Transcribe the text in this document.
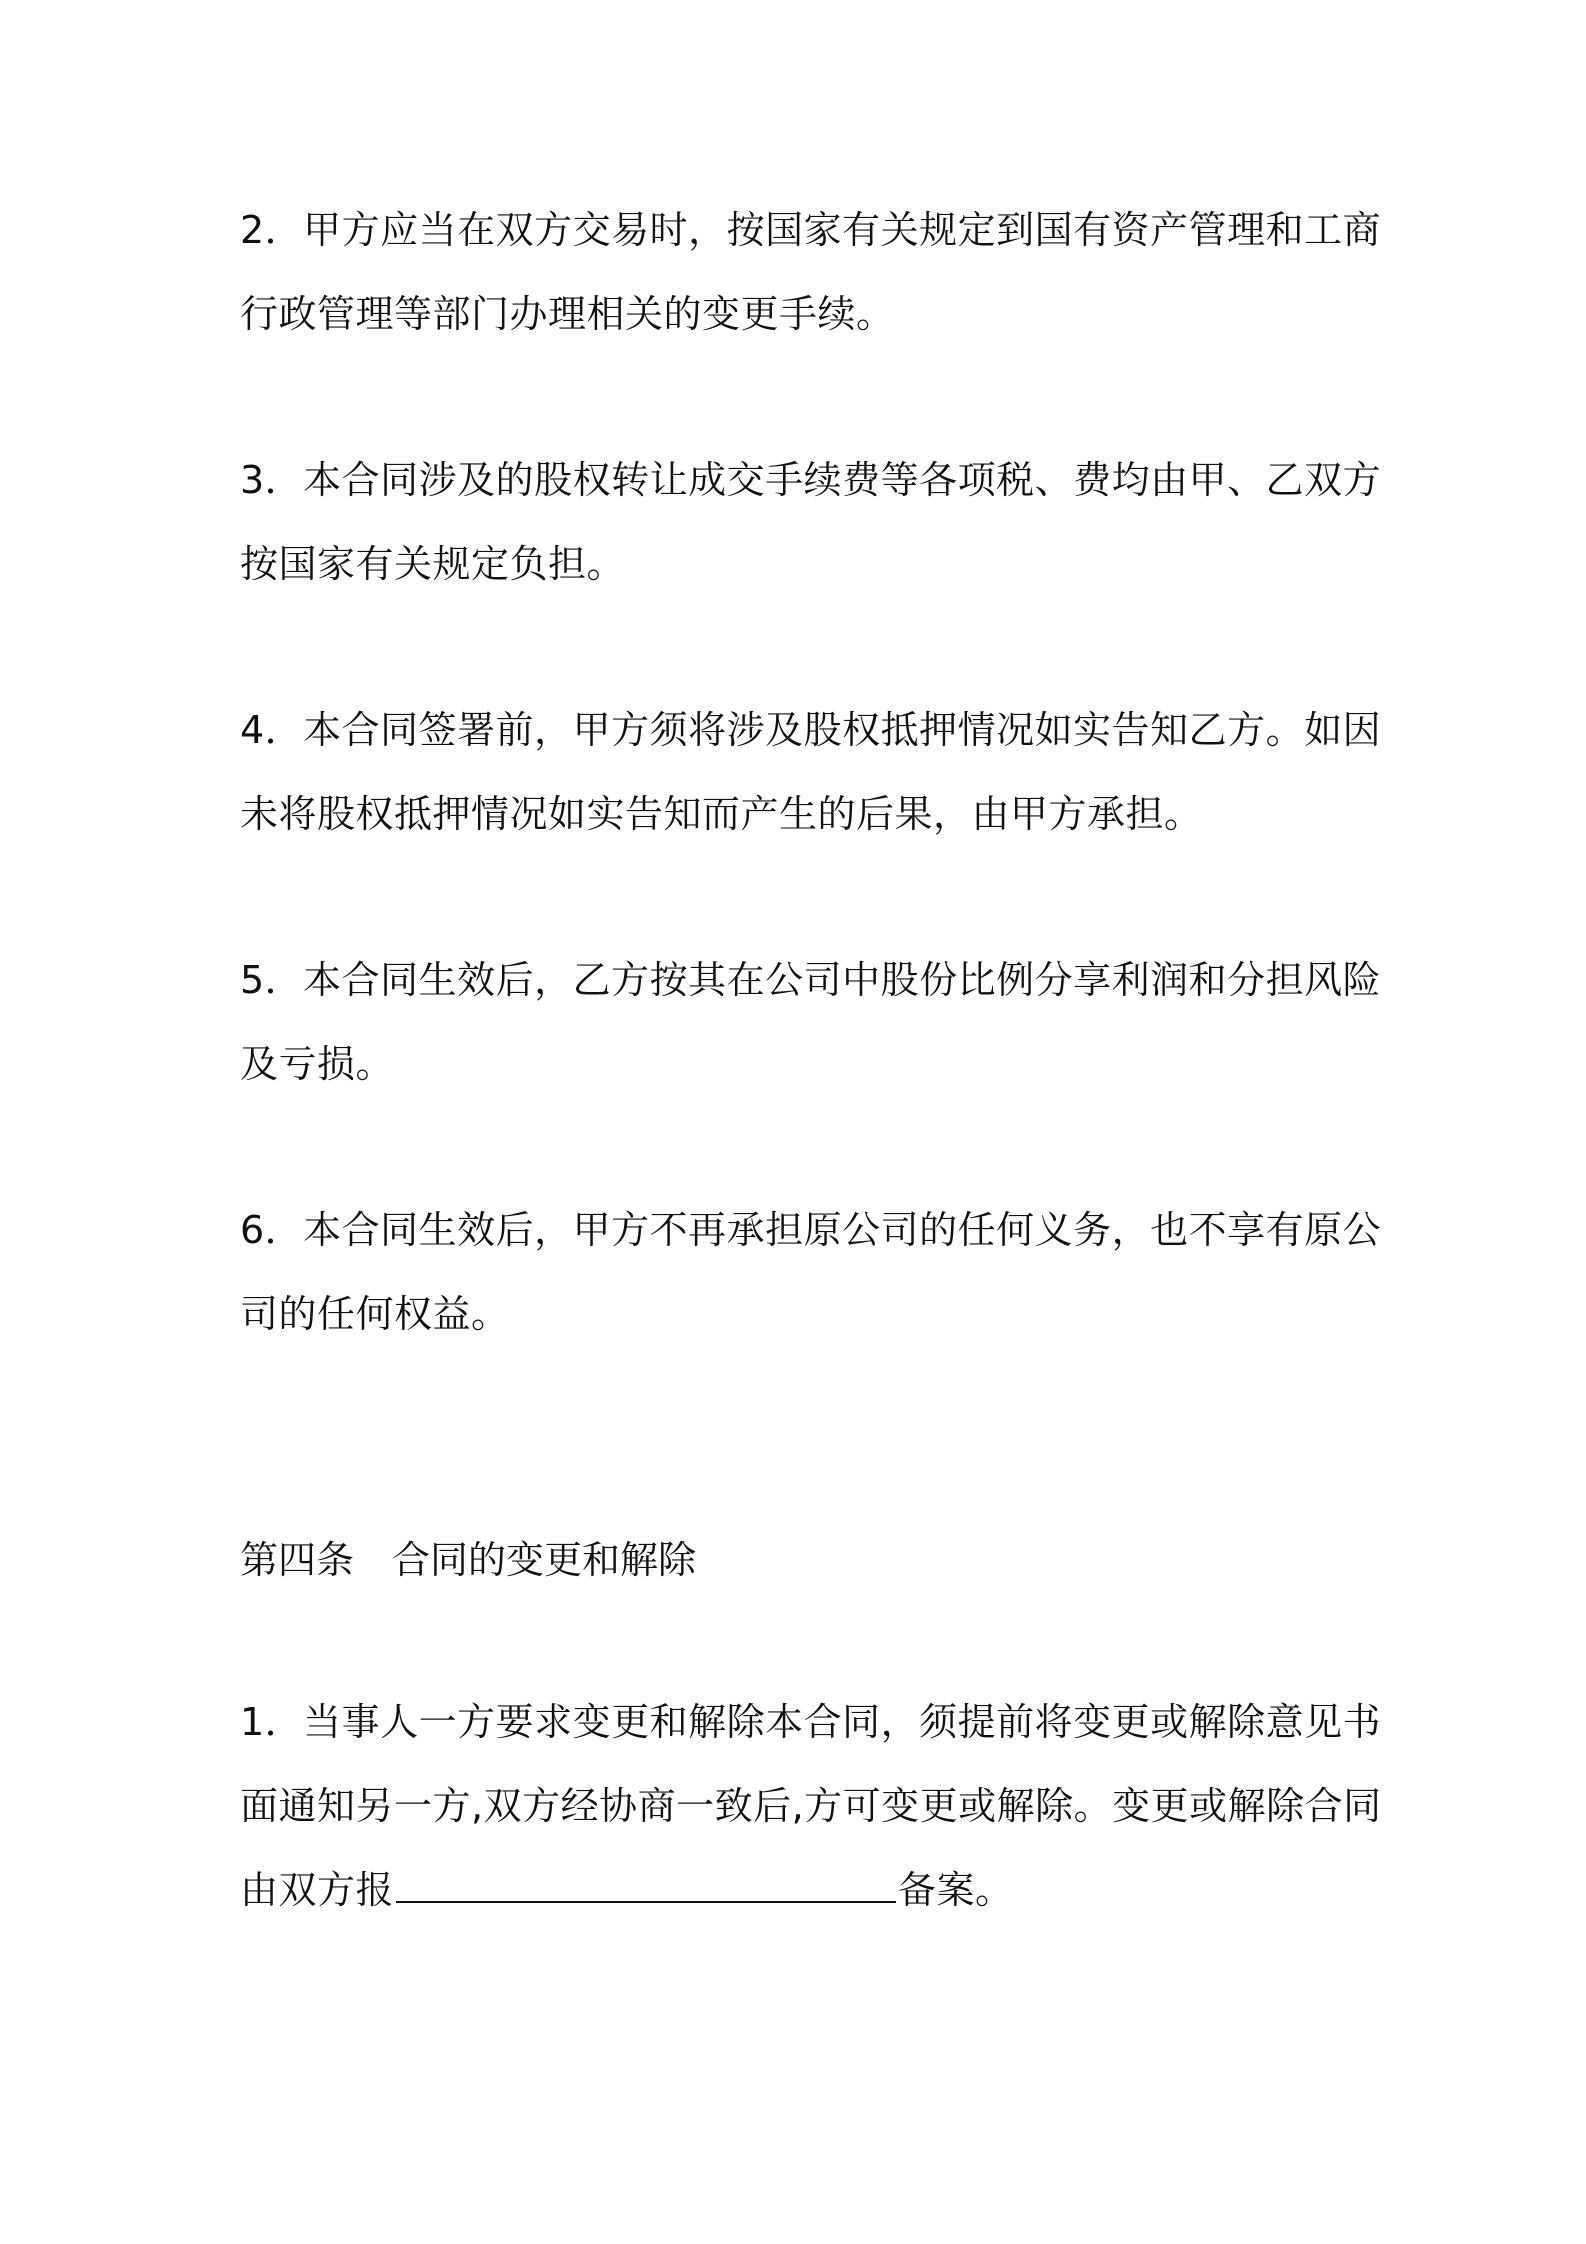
2．甲方应当在双方交易时，按国家有关规定到国有资产管理和工商
行政管理等部门办理相关的变更手续。

3．本合同涉及的股权转让成交手续费等各项税、费均由甲、乙双方
按国家有关规定负担。

4．本合同签署前，甲方须将涉及股权抵押情况如实告知乙方。如因
未将股权抵押情况如实告知而产生的后果，由甲方承担。

5．本合同生效后，乙方按其在公司中股份比例分享利润和分担风险
及亏损。

6．本合同生效后，甲方不再承担原公司的任何义务，也不享有原公
司的任何权益。

第四条　合同的变更和解除

1．当事人一方要求变更和解除本合同，须提前将变更或解除意见书
面通知另一方,双方经协商一致后,方可变更或解除。变更或解除合同
由双方报	备案。
